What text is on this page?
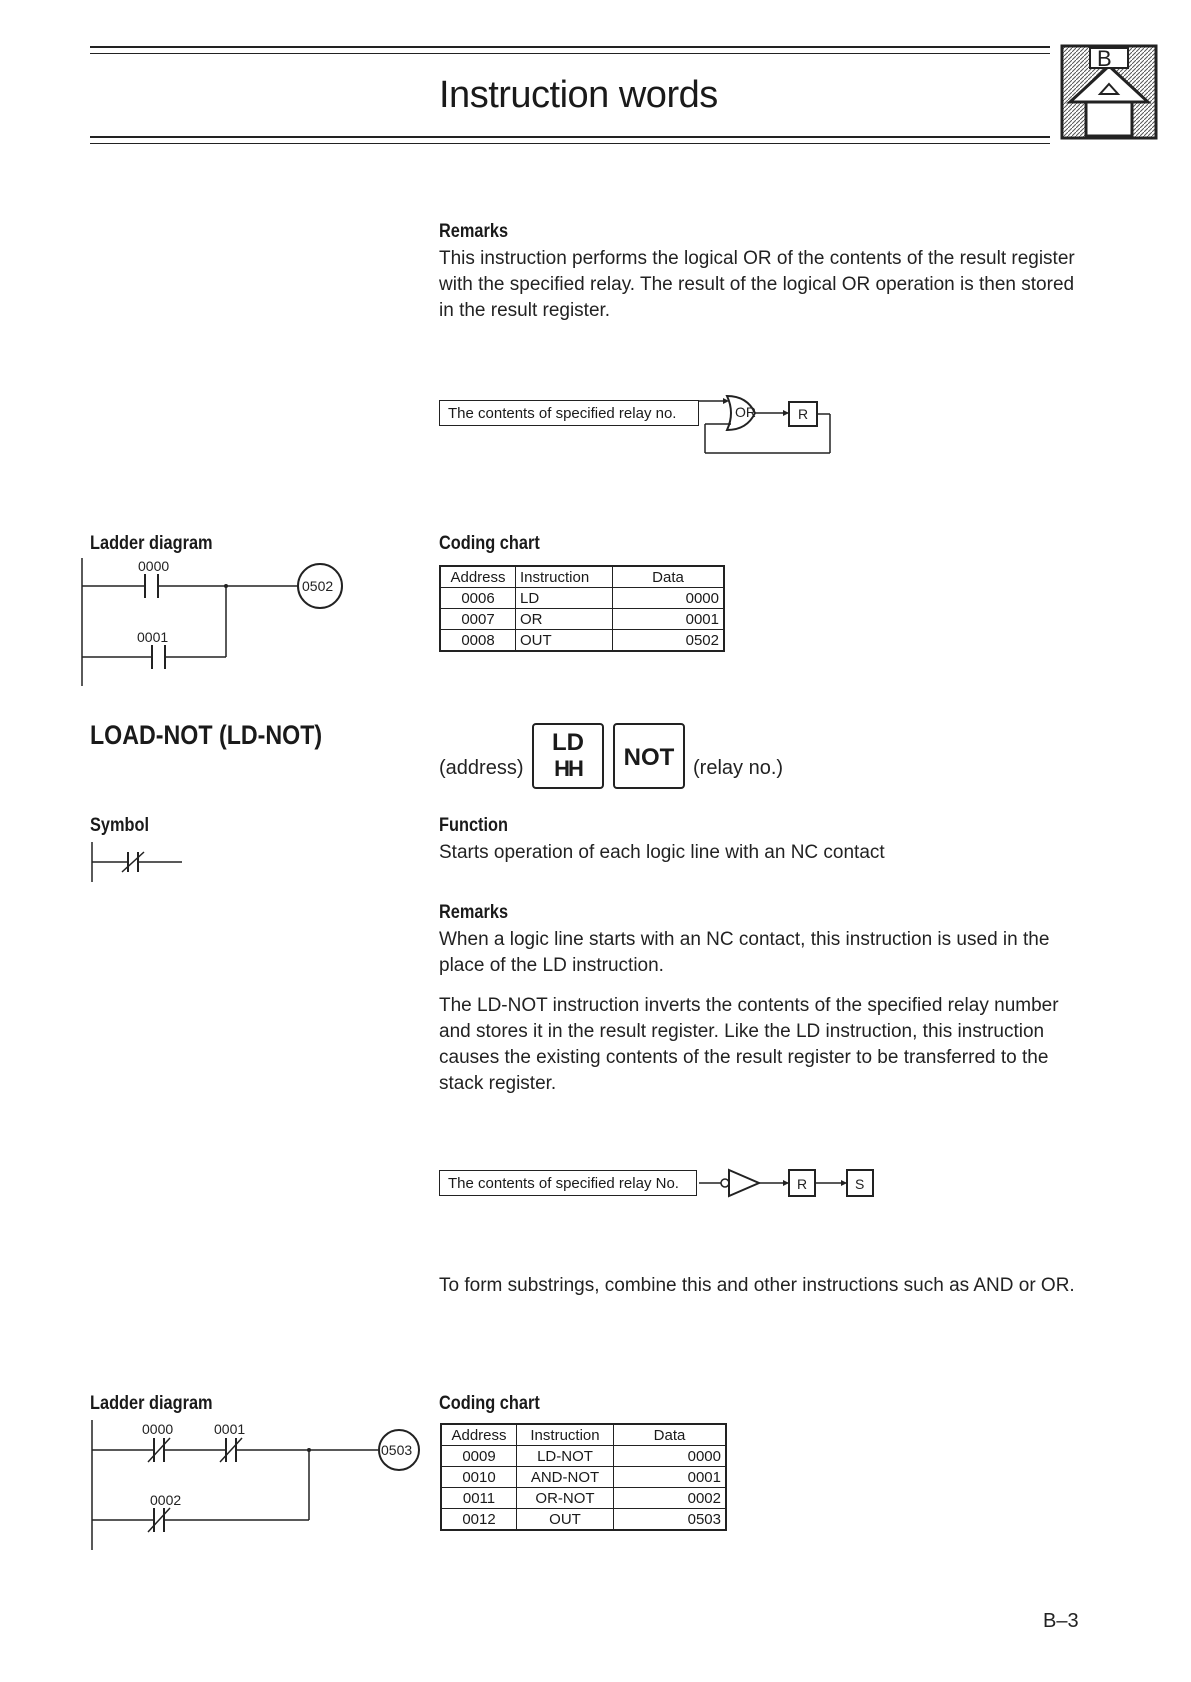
Instruction words
B
Remarks
This instruction performs the logical OR of the contents of the result register with the specified relay. The result of the logical OR operation is then stored in the result register.
The contents of specified relay no.	OR	R
Ladder diagram
0000
0001
0502
Coding chart
Address	Instruction	Data
0006	LD	0000
0007	OR	0001
0008	OUT	0502
LOAD-NOT (LD-NOT)
(address)
LD
HH	NOT (relay no.)
Symbol	Function
Starts operation of each logic line with an NC contact
Remarks
When a logic line starts with an NC contact, this instruction is used in the place of the LD instruction.
The LD-NOT instruction inverts the contents of the specified relay number and stores it in the result register. Like the LD instruction, this instruction causes the existing contents of the result register to be transferred to the stack register.
The contents of specified relay No.	R	S
To form substrings, combine this and other instructions such as AND or OR.
Ladder diagram
0000	0001
0002
0503
Coding chart
Address	Instruction	Data
0009	LD-NOT	0000
0010	AND-NOT	0001
0011	OR-NOT	0002
0012	OUT	0503
B–3
